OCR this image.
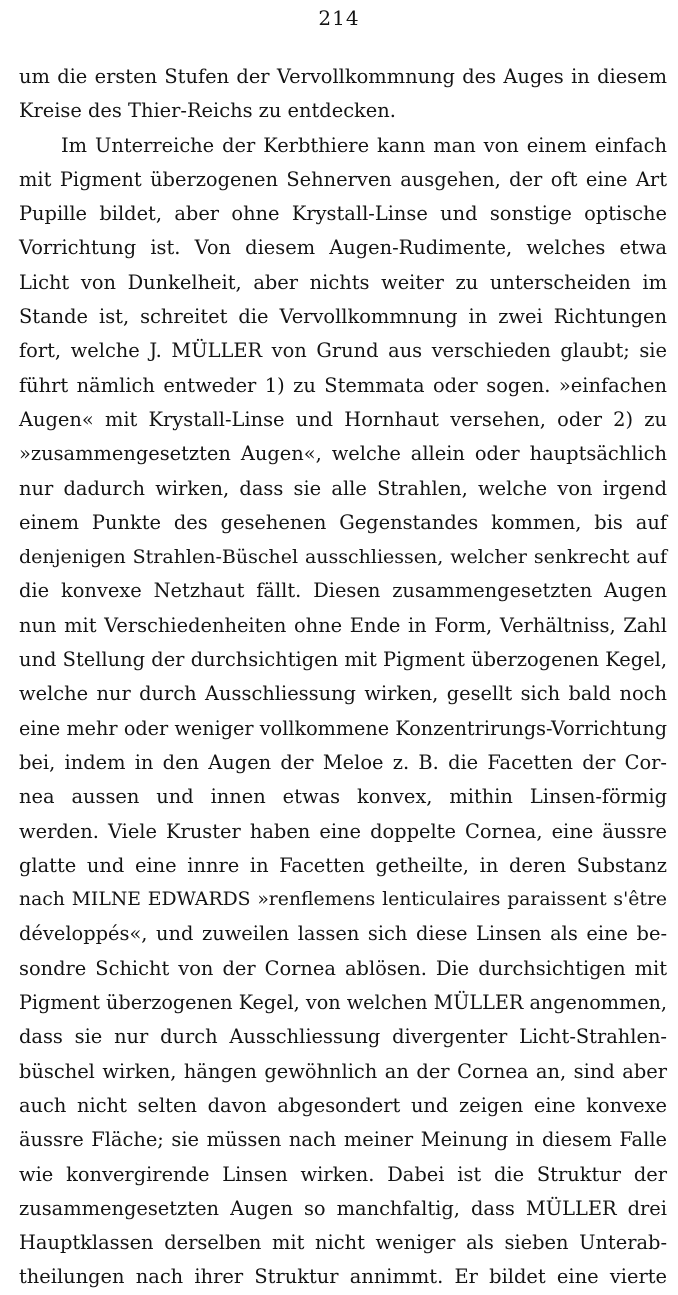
214
um die ersten Stufen der Vervollkommnung des Auges in diesem
Kreise des Thier-Reichs zu entdecken.
Im Unterreiche der Kerbthiere kann man von einem einfach
mit Pigment überzogenen Sehnerven ausgehen, der oft eine Art
Pupille bildet, aber ohne Krystall-Linse und sonstige optische
Vorrichtung ist. Von diesem Augen-Rudimente, welches etwa
Licht von Dunkelheit, aber nichts weiter zu unterscheiden im
Stande ist, schreitet die Vervollkommnung in zwei Richtungen
fort, welche J. MÜLLER von Grund aus verschieden glaubt; sie
führt nämlich entweder 1) zu Stemmata oder sogen. »einfachen
Augen« mit Krystall-Linse und Hornhaut versehen, oder 2) zu
»zusammengesetzten Augen«, welche allein oder hauptsächlich
nur dadurch wirken, dass sie alle Strahlen, welche von irgend
einem Punkte des gesehenen Gegenstandes kommen, bis auf
denjenigen Strahlen-Büschel ausschliessen, welcher senkrecht auf
die konvexe Netzhaut fällt. Diesen zusammengesetzten Augen
nun mit Verschiedenheiten ohne Ende in Form, Verhältniss, Zahl
und Stellung der durchsichtigen mit Pigment überzogenen Kegel,
welche nur durch Ausschliessung wirken, gesellt sich bald noch
eine mehr oder weniger vollkommene Konzentrirungs-Vorrichtung
bei, indem in den Augen der Meloe z. B. die Facetten der Cor-
nea aussen und innen etwas konvex, mithin Linsen-förmig
werden. Viele Kruster haben eine doppelte Cornea, eine äussre
glatte und eine innre in Facetten getheilte, in deren Substanz
nach MILNE EDWARDS »renflemens lenticulaires paraissent s'être
développés«, und zuweilen lassen sich diese Linsen als eine be-
sondre Schicht von der Cornea ablösen. Die durchsichtigen mit
Pigment überzogenen Kegel, von welchen MÜLLER angenommen,
dass sie nur durch Ausschliessung divergenter Licht-Strahlen-
büschel wirken, hängen gewöhnlich an der Cornea an, sind aber
auch nicht selten davon abgesondert und zeigen eine konvexe
äussre Fläche; sie müssen nach meiner Meinung in diesem Falle
wie konvergirende Linsen wirken. Dabei ist die Struktur der
zusammengesetzten Augen so manchfaltig, dass MÜLLER drei
Hauptklassen derselben mit nicht weniger als sieben Unterab-
theilungen nach ihrer Struktur annimmt. Er bildet eine vierte
